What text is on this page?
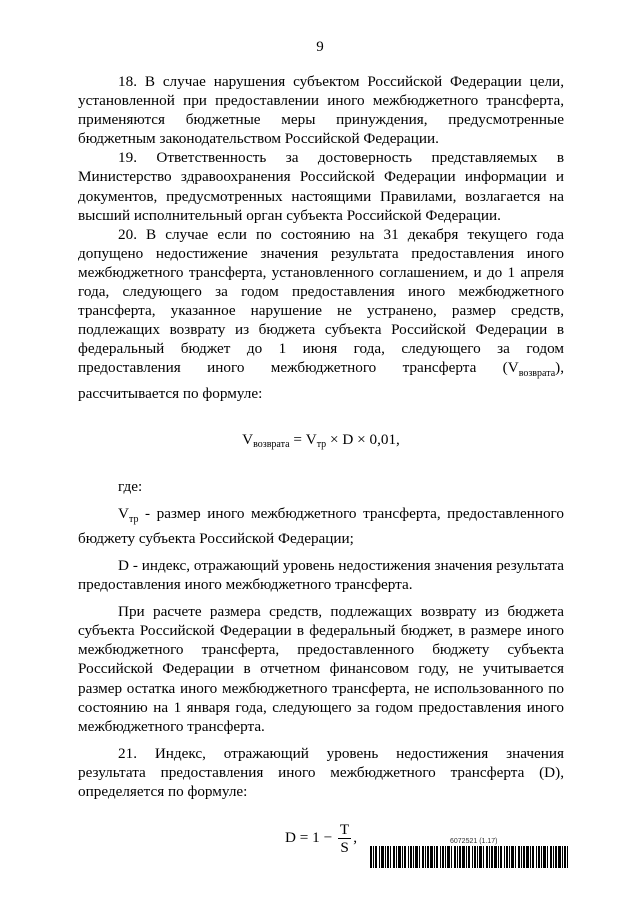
9

18. В случае нарушения субъектом Российской Федерации цели, установленной при предоставлении иного межбюджетного трансферта, применяются бюджетные меры принуждения, предусмотренные бюджетным законодательством Российской Федерации.

19. Ответственность за достоверность представляемых в Министерство здравоохранения Российской Федерации информации и документов, предусмотренных настоящими Правилами, возлагается на высший исполнительный орган субъекта Российской Федерации.

20. В случае если по состоянию на 31 декабря текущего года допущено недостижение значения результата предоставления иного межбюджетного трансферта, установленного соглашением, и до 1 апреля года, следующего за годом предоставления иного межбюджетного трансферта, указанное нарушение не устранено, размер средств, подлежащих возврату из бюджета субъекта Российской Федерации в федеральный бюджет до 1 июня года, следующего за годом предоставления иного межбюджетного трансферта $(V_{возврата})$, рассчитывается по формуле:

$V_{возврата} = V_{тр} \times D \times 0,01$,

где:

$V_{тр}$ - размер иного межбюджетного трансферта, предоставленного бюджету субъекта Российской Федерации;

D - индекс, отражающий уровень недостижения значения результата предоставления иного межбюджетного трансферта.

При расчете размера средств, подлежащих возврату из бюджета субъекта Российской Федерации в федеральный бюджет, в размере иного межбюджетного трансферта, предоставленного бюджету субъекта Российской Федерации в отчетном финансовом году, не учитывается размер остатка иного межбюджетного трансферта, не использованного по состоянию на 1 января года, следующего за годом предоставления иного межбюджетного трансферта.

21. Индекс, отражающий уровень недостижения значения результата предоставления иного межбюджетного трансферта (D), определяется по формуле:

$D = 1 - \frac{T}{S}$ ,	6072521 (1.17)
